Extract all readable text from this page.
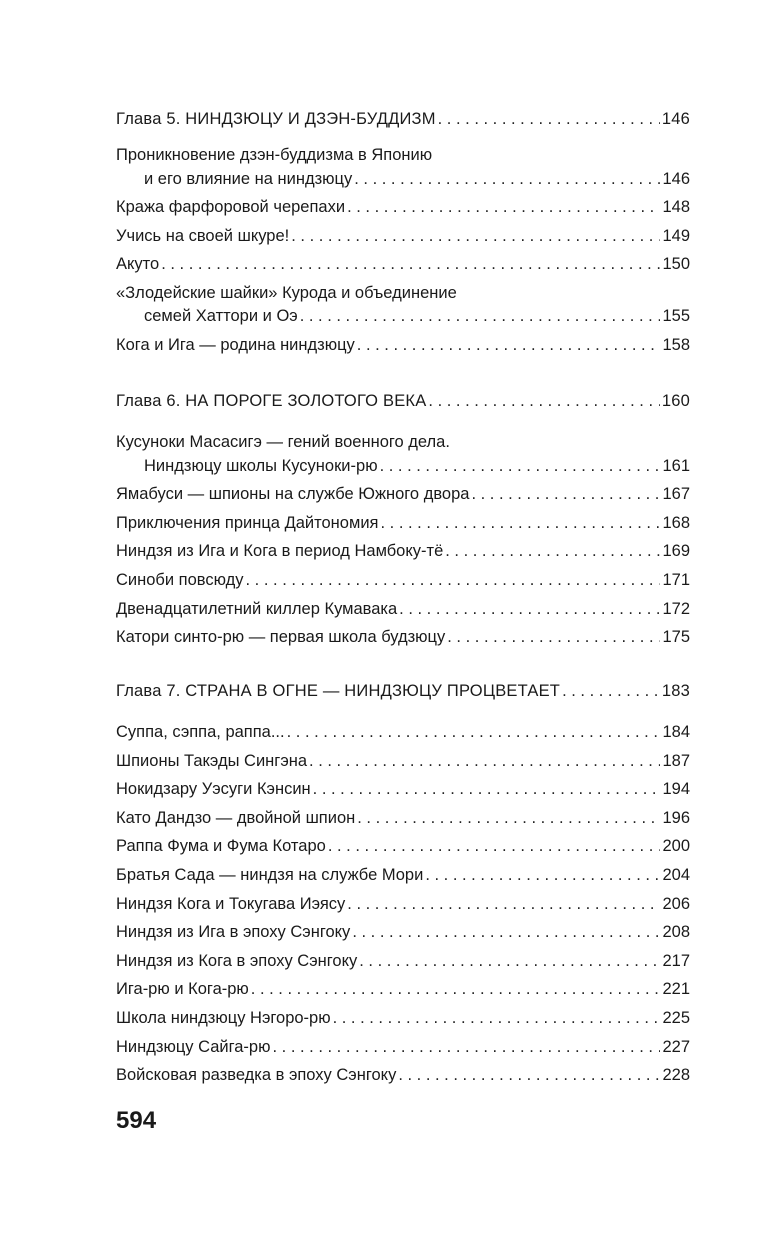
Глава 5. НИНДЗЮЦУ И ДЗЭН-БУДДИЗМ . . .	146
Проникновение дзэн-буддизма в Японию
и его влияние на ниндзюцу . . .	146
Кража фарфоровой черепахи . . .	148
Учись на своей шкуре! . . .	149
Акуто . . .	150
«Злодейские шайки» Курода и объединение
семей Хаттори и Оэ . . .	155
Кога и Ига — родина ниндзюцу . . .	158
Глава 6. НА ПОРОГЕ ЗОЛОТОГО ВЕКА . . .	160
Кусуноки Масасигэ — гений военного дела.
Ниндзюцу школы Кусуноки-рю . . .	161
Ямабуси — шпионы на службе Южного двора . . .	167
Приключения принца Дайтономия . . .	168
Ниндзя из Ига и Кога в период Намбоку-тё . . .	169
Синоби повсюду . . .	171
Двенадцатилетний киллер Кумавака . . .	172
Катори синто-рю — первая школа будзюцу . . .	175
Глава 7. СТРАНА В ОГНЕ — НИНДЗЮЦУ ПРОЦВЕТАЕТ . . .	183
Суппа, сэппа, раппа... . . .	184
Шпионы Такэды Сингэна . . .	187
Нокидзару Уэсуги Кэнсин . . .	194
Като Дандзо — двойной шпион . . .	196
Раппа Фума и Фума Котаро . . .	200
Братья Сада — ниндзя на службе Мори . . .	204
Ниндзя Кога и Токугава Иэясу . . .	206
Ниндзя из Ига в эпоху Сэнгоку . . .	208
Ниндзя из Кога в эпоху Сэнгоку . . .	217
Ига-рю и Кога-рю . . .	221
Школа ниндзюцу Нэгоро-рю . . .	225
Ниндзюцу Сайга-рю . . .	227
Войсковая разведка в эпоху Сэнгоку . . .	228
594
